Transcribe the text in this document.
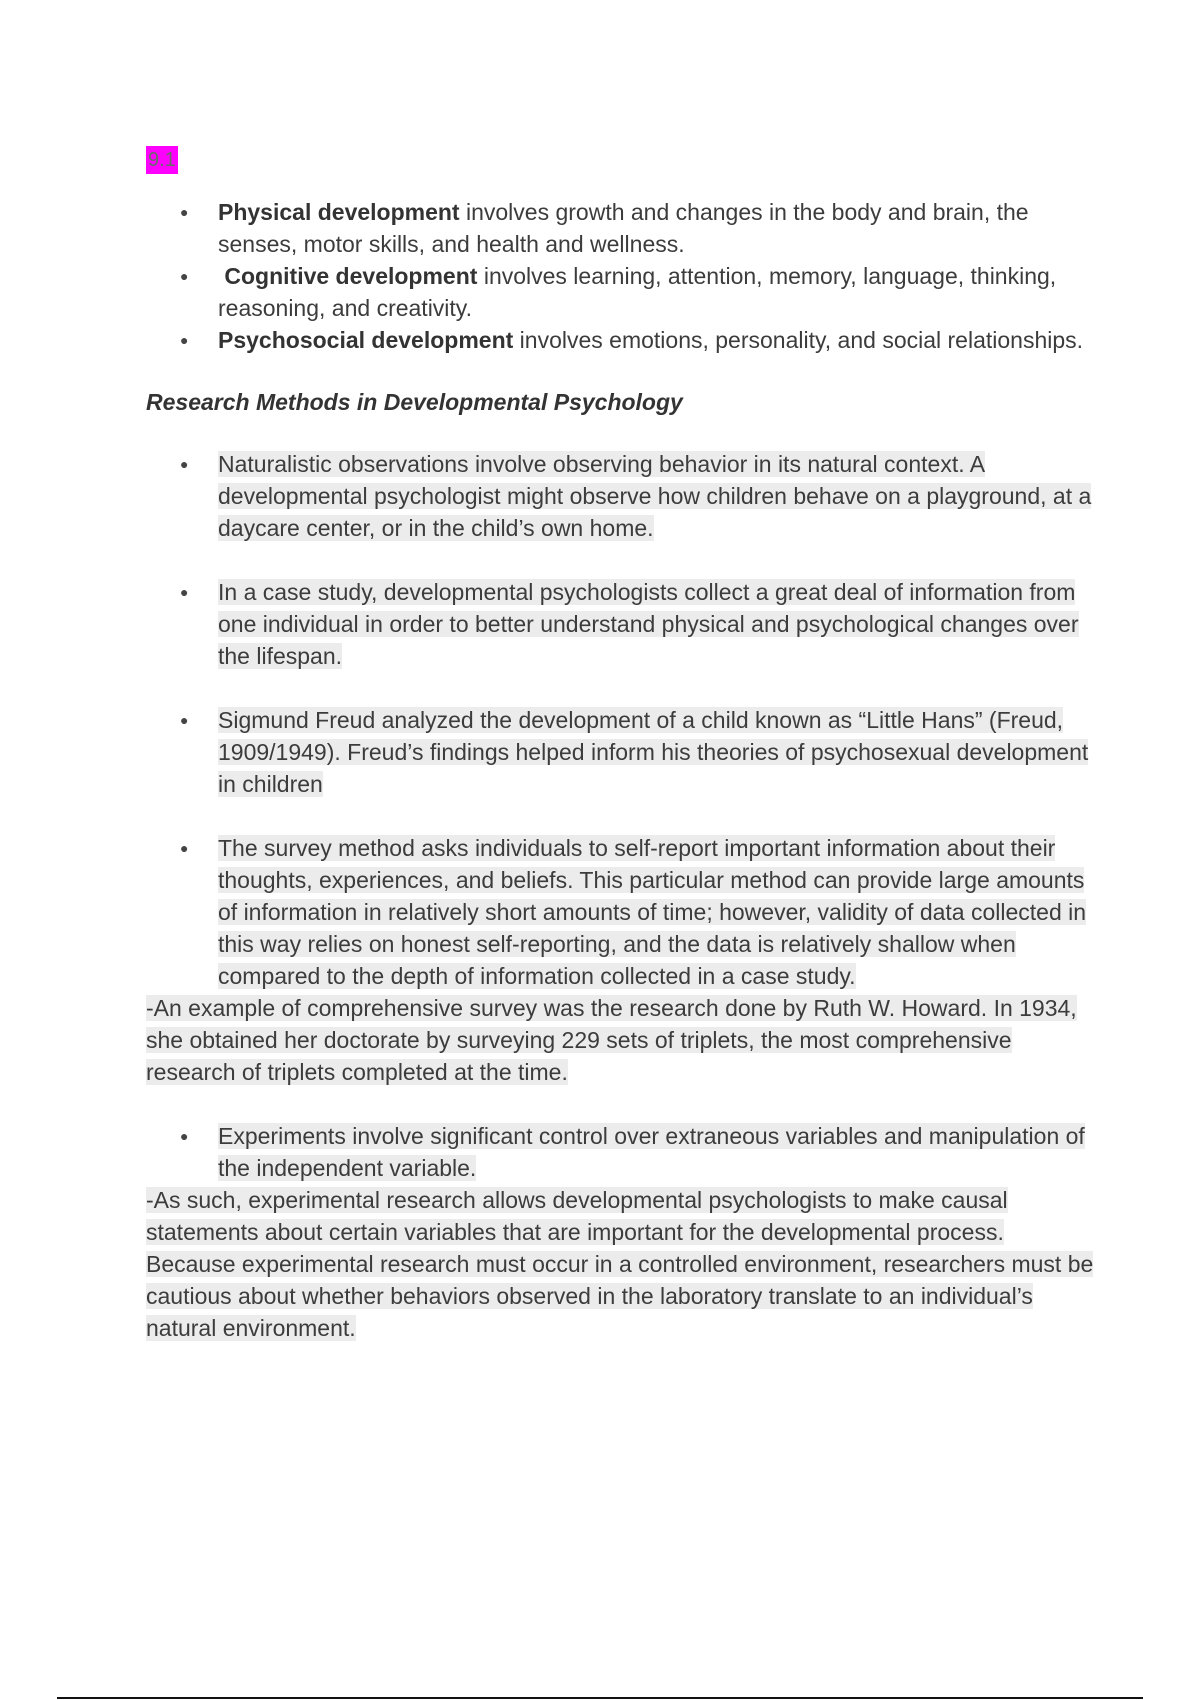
9.1
● Physical development involves growth and changes in the body and brain, the senses, motor skills, and health and wellness.
● Cognitive development involves learning, attention, memory, language, thinking, reasoning, and creativity.
● Psychosocial development involves emotions, personality, and social relationships.
Research Methods in Developmental Psychology
● Naturalistic observations involve observing behavior in its natural context. A developmental psychologist might observe how children behave on a playground, at a daycare center, or in the child’s own home.
● In a case study, developmental psychologists collect a great deal of information from one individual in order to better understand physical and psychological changes over the lifespan.
● Sigmund Freud analyzed the development of a child known as “Little Hans” (Freud, 1909/1949). Freud’s findings helped inform his theories of psychosexual development in children
● The survey method asks individuals to self-report important information about their thoughts, experiences, and beliefs. This particular method can provide large amounts of information in relatively short amounts of time; however, validity of data collected in this way relies on honest self-reporting, and the data is relatively shallow when compared to the depth of information collected in a case study.

-An example of comprehensive survey was the research done by Ruth W. Howard. In 1934, she obtained her doctorate by surveying 229 sets of triplets, the most comprehensive research of triplets completed at the time.

● Experiments involve significant control over extraneous variables and manipulation of the independent variable.

-As such, experimental research allows developmental psychologists to make causal statements about certain variables that are important for the developmental process. Because experimental research must occur in a controlled environment, researchers must be cautious about whether behaviors observed in the laboratory translate to an individual’s natural environment.
